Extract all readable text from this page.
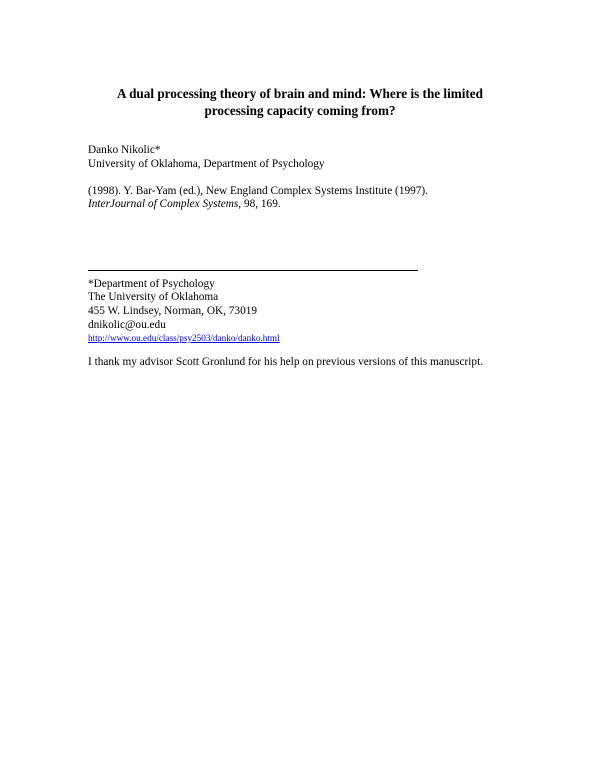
A dual processing theory of brain and mind: Where is the limited
processing capacity coming from?
Danko Nikolic*
University of Oklahoma, Department of Psychology
(1998). Y. Bar-Yam (ed.), New England Complex Systems Institute (1997).
InterJournal of Complex Systems, 98, 169.
*Department of Psychology
The University of Oklahoma
455 W. Lindsey, Norman, OK, 73019
dnikolic@ou.edu
http://www.ou.edu/class/psy2503/danko/danko.html
I thank my advisor Scott Gronlund for his help on previous versions of this manuscript.
